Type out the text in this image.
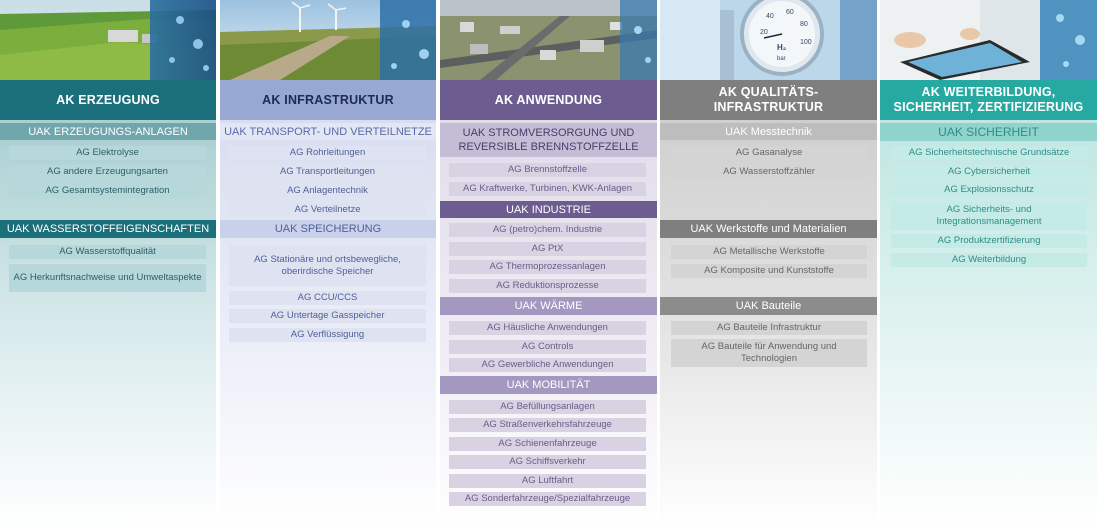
AK ERZEUGUNG
UAK ERZEUGUNGS-ANLAGEN
AG Elektrolyse
AG andere Erzeugungsarten
AG Gesamtsystemintegration
UAK WASSERSTOFFEIGENSCHAFTEN
AG Wasserstoffqualität
AG Herkunftsnachweise und Umweltaspekte
AK INFRASTRUKTUR
UAK TRANSPORT- UND VERTEILNETZE
AG Rohrleitungen
AG Transportleitungen
AG Anlagentechnik
AG Verteilnetze
UAK SPEICHERUNG
AG Stationäre und ortsbewegliche, oberirdische Speicher
AG CCU/CCS
AG Untertage Gasspeicher
AG Verflüssigung
AK ANWENDUNG
UAK STROMVERSORGUNG UND REVERSIBLE BRENNSTOFFZELLE
AG Brennstoffzelle
AG Kraftwerke, Turbinen, KWK-Anlagen
UAK INDUSTRIE
AG (petro)chem. Industrie
AG PtX
AG Thermoprozessanlagen
AG Reduktionsprozesse
UAK WÄRME
AG Häusliche Anwendungen
AG Controls
AG Gewerbliche Anwendungen
UAK MOBILITÄT
AG Befüllungsanlagen
AG Straßenverkehrsfahrzeuge
AG Schienenfahrzeuge
AG Schiffsverkehr
AG Luftfahrt
AG Sonderfahrzeuge/Spezialfahrzeuge
20
40
60
80
100
H₂
bar
AK QUALITÄTS-INFRASTRUKTUR
UAK Messtechnik
AG Gasanalyse
AG Wasserstoffzähler
UAK Werkstoffe und Materialien
AG Metallische Werkstoffe
AG Komposite und Kunststoffe
UAK Bauteile
AG Bauteile Infrastruktur
AG Bauteile für Anwendung und Technologien
AK WEITERBILDUNG, SICHERHEIT, ZERTIFIZIERUNG
UAK SICHERHEIT
AG Sicherheitstechnische Grundsätze
AG Cybersicherheit
AG Explosionsschutz
AG Sicherheits- und Integrationsmanagement
AG Produktzertifizierung
AG Weiterbildung
